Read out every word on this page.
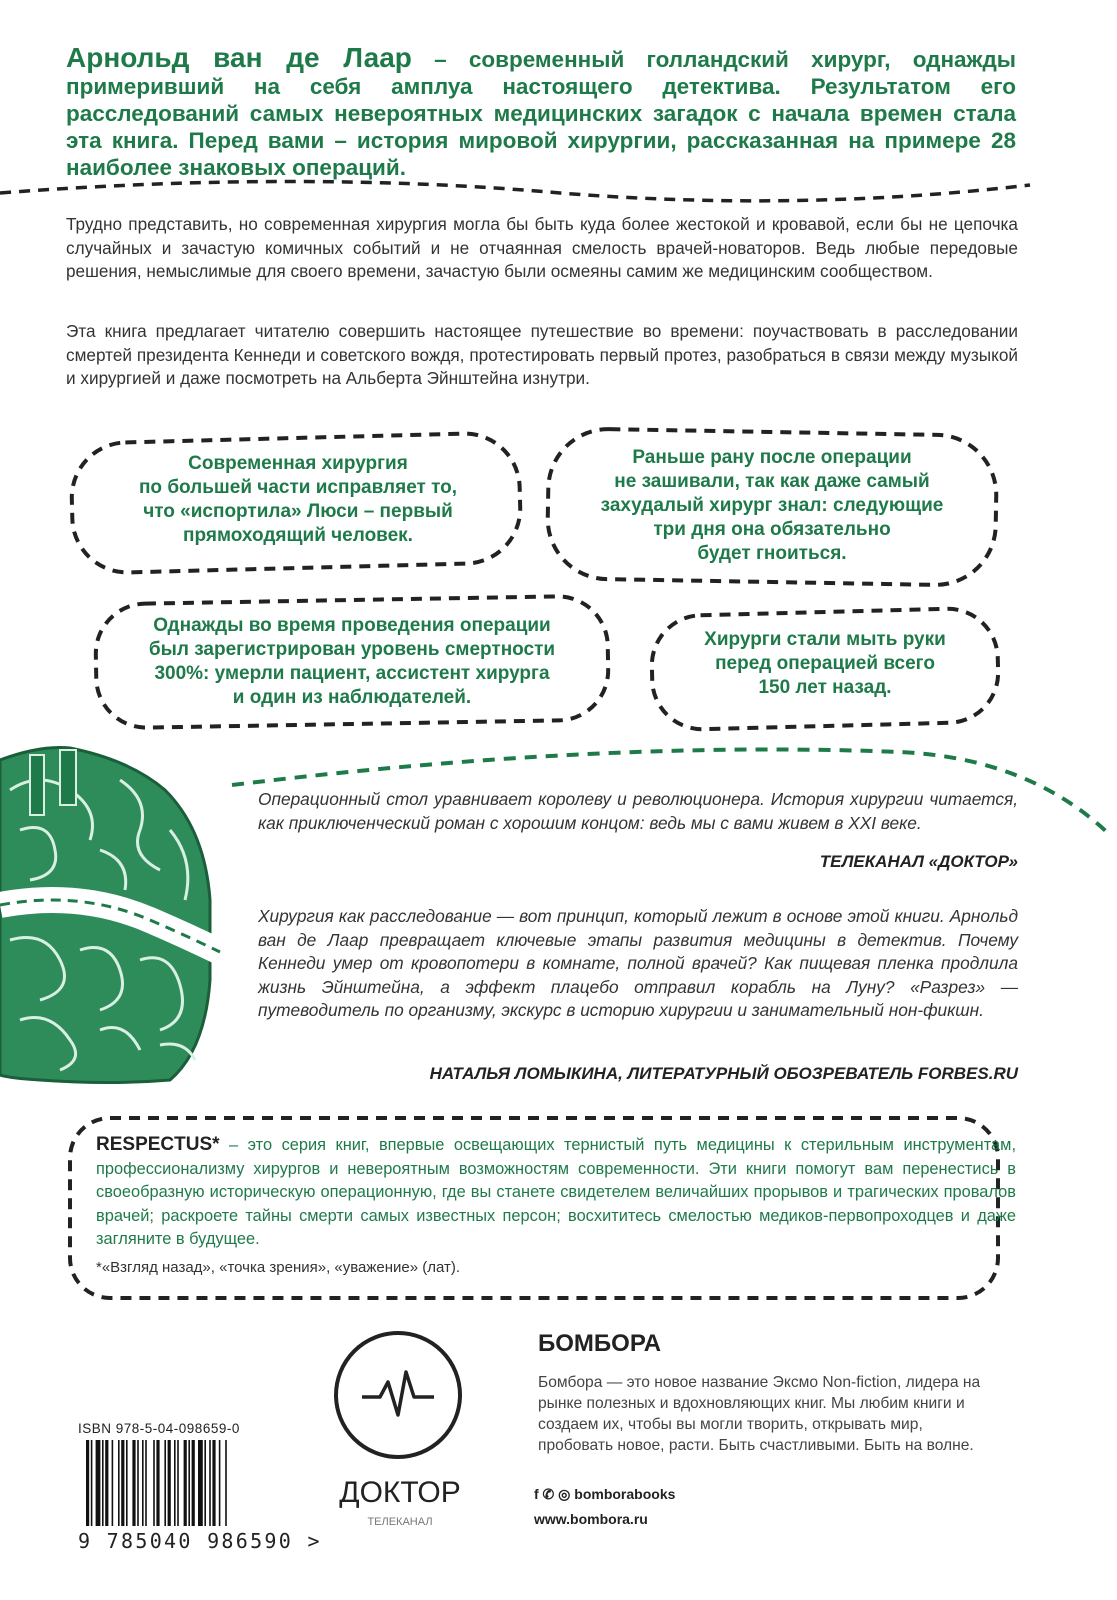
Арнольд ван де Лаар – современный голландский хирург, однажды примеривший на себя амплуа настоящего детектива. Результатом его расследований самых невероятных медицинских загадок с начала времен стала эта книга. Перед вами – история мировой хирургии, рассказанная на примере 28 наиболее знаковых операций.
Трудно представить, но современная хирургия могла бы быть куда более жестокой и кровавой, если бы не цепочка случайных и зачастую комичных событий и не отчаянная смелость врачей-новаторов. Ведь любые передовые решения, немыслимые для своего времени, зачастую были осмеяны самим же медицинским сообществом.
Эта книга предлагает читателю совершить настоящее путешествие во времени: поучаствовать в расследовании смертей президента Кеннеди и советского вождя, протестировать первый протез, разобраться в связи между музыкой и хирургией и даже посмотреть на Альберта Эйнштейна изнутри.
Современная хирургия
по большей части исправляет то,
что «испортила» Люси – первый
прямоходящий человек.
Раньше рану после операции
не зашивали, так как даже самый
захудалый хирург знал: следующие
три дня она обязательно
будет гноиться.
Однажды во время проведения операции
был зарегистрирован уровень смертности
300%: умерли пациент, ассистент хирурга
и один из наблюдателей.
Хирурги стали мыть руки
перед операцией всего
150 лет назад.
Операционный стол уравнивает королеву и революционера. История хирургии читается, как приключенческий роман с хорошим концом: ведь мы с вами живем в XXI веке.
ТЕЛЕКАНАЛ «ДОКТОР»
Хирургия как расследование — вот принцип, который лежит в основе этой книги. Арнольд ван де Лаар превращает ключевые этапы развития медицины в детектив. Почему Кеннеди умер от кровопотери в комнате, полной врачей? Как пищевая пленка продлила жизнь Эйнштейна, а эффект плацебо отправил корабль на Луну? «Разрез» — путеводитель по организму, экскурс в историю хирургии и занимательный нон-фикшн.
НАТАЛЬЯ ЛОМЫКИНА, ЛИТЕРАТУРНЫЙ ОБОЗРЕВАТЕЛЬ FORBES.RU
RESPECTUS* – это серия книг, впервые освещающих тернистый путь медицины к стерильным инструментам, профессионализму хирургов и невероятным возможностям современности. Эти книги помогут вам перенестись в своеобразную историческую операционную, где вы станете свидетелем величайших прорывов и трагических провалов врачей; раскроете тайны смерти самых известных персон; восхититесь смелостью медиков-первопроходцев и даже загляните в будущее.
*«Взгляд назад», «точка зрения», «уважение» (лат).
ISBN 978-5-04-098659-0
9 785040 986590 >
ДОКТОР
ТЕЛЕКАНАЛ
БОМБОРА
Бомбора — это новое название Эксмо Non-fiction, лидера на рынке полезных и вдохновляющих книг. Мы любим книги и создаем их, чтобы вы могли творить, открывать мир, пробовать новое, расти. Быть счастливыми. Быть на волне.
f ✆ ◎ bomborabooks
www.bombora.ru
